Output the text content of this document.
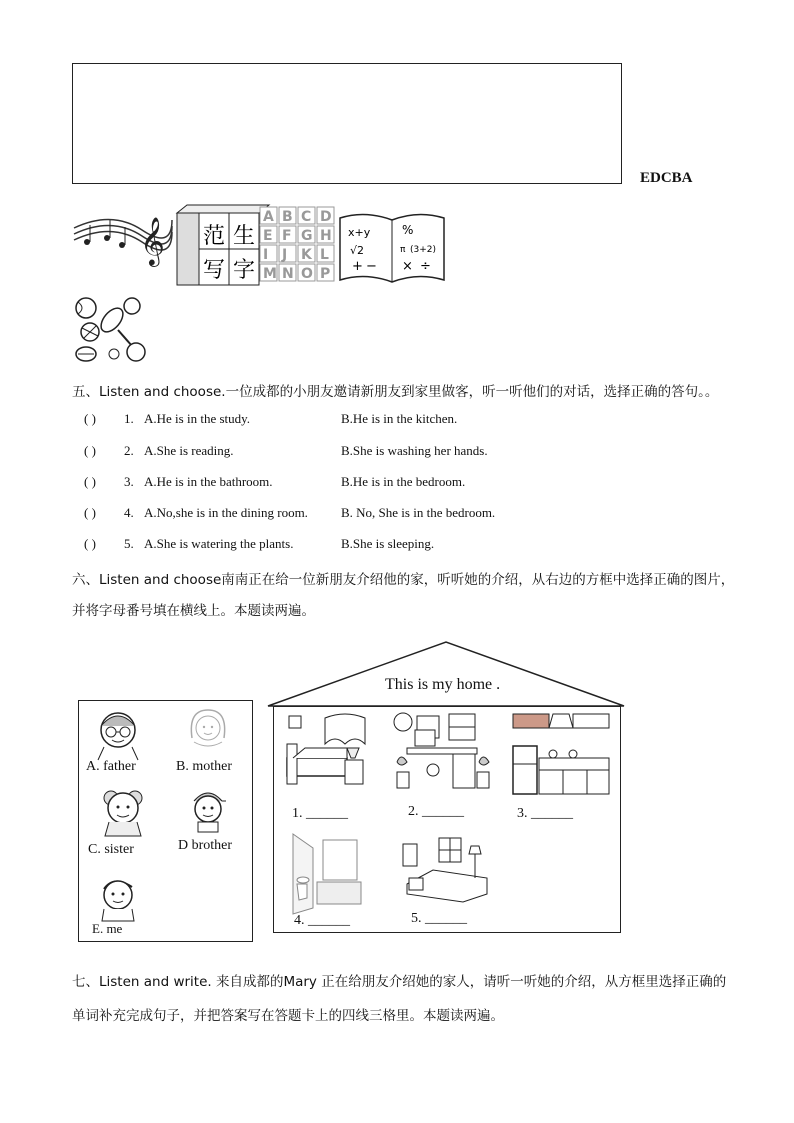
EDCBA
𝄞 范 生
写 字
A B C D
E F G H
I J K L
M N O P
x+y	%
√2	π (3+2)
+ − × ÷
五、Listen and choose.一位成都的小朋友邀请新朋友到家里做客，听一听他们的对话，选择正确的答句。。
( ) 1. A.He is in the study.	B.He is in the kitchen.
( ) 2. A.She is reading.	B.She is washing her hands.
( ) 3. A.He is in the bathroom.	B.He is in the bedroom.
( ) 4. A.No,she is in the dining room.	B. No, She is in the bedroom.
( ) 5. A.She is watering the plants.	B.She is sleeping.
六、Listen and choose南南正在给一位新朋友介绍他的家，听听她的介绍，从右边的方框中选择正确的图片，
并将字母番号填在横线上。本题读两遍。
A. father	B. mother
C. sister	D brother
E. me
This is my home .
1. ______	2. ______	3. ______
4. ______	5. ______
七、Listen and write. 来自成都的Mary 正在给朋友介绍她的家人，请听一听她的介绍，从方框里选择正确的
单词补充完成句子，并把答案写在答题卡上的四线三格里。本题读两遍。
